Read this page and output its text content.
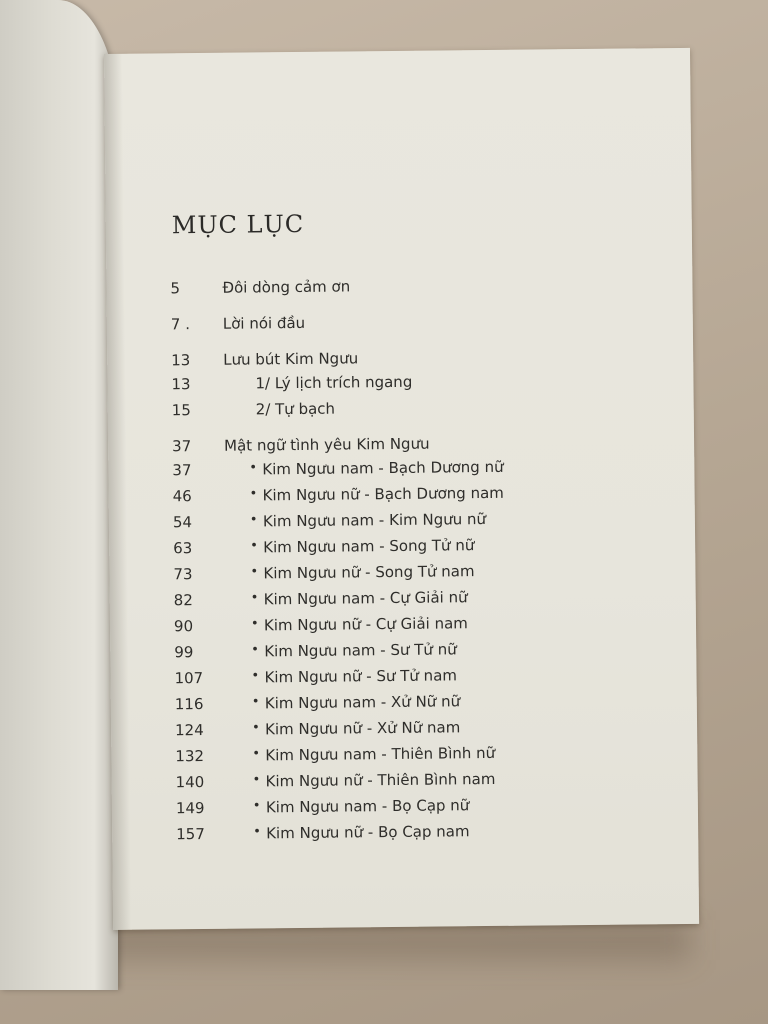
MỤC LỤC
5	Đôi dòng cảm ơn
7 . Lời nói đầu
13 Lưu bút Kim Ngưu
13	1/ Lý lịch trích ngang
15	2/ Tự bạch
37 Mật ngữ tình yêu Kim Ngưu
37	• Kim Ngưu nam - Bạch Dương nữ
46	• Kim Ngưu nữ - Bạch Dương nam
54	• Kim Ngưu nam - Kim Ngưu nữ
63	• Kim Ngưu nam - Song Tử nữ
73	• Kim Ngưu nữ - Song Tử nam
82	• Kim Ngưu nam - Cự Giải nữ
90	• Kim Ngưu nữ - Cự Giải nam
99	• Kim Ngưu nam - Sư Tử nữ
107	• Kim Ngưu nữ - Sư Tử nam
116	• Kim Ngưu nam - Xử Nữ nữ
124	• Kim Ngưu nữ - Xử Nữ nam
132	• Kim Ngưu nam - Thiên Bình nữ
140	• Kim Ngưu nữ - Thiên Bình nam
149	• Kim Ngưu nam - Bọ Cạp nữ
157	• Kim Ngưu nữ - Bọ Cạp nam
